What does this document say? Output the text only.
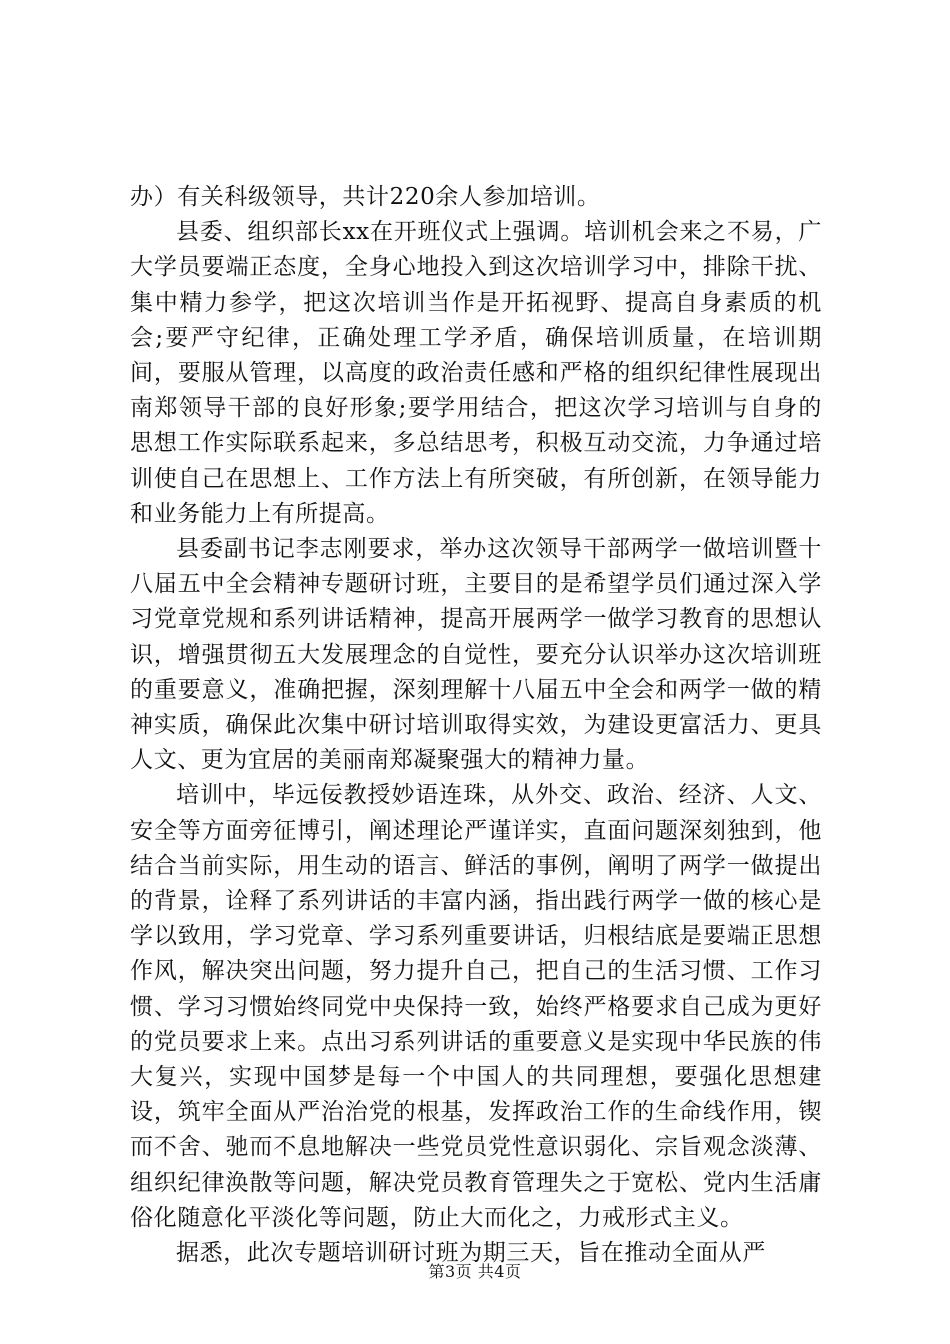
办）有关科级领导，共计220余人参加培训。

县委、组织部长xx在开班仪式上强调。培训机会来之不易，广大学员要端正态度，全身心地投入到这次培训学习中，排除干扰、集中精力参学，把这次培训当作是开拓视野、提高自身素质的机会;要严守纪律，正确处理工学矛盾，确保培训质量，在培训期间，要服从管理，以高度的政治责任感和严格的组织纪律性展现出南郑领导干部的良好形象;要学用结合，把这次学习培训与自身的思想工作实际联系起来，多总结思考，积极互动交流，力争通过培训使自己在思想上、工作方法上有所突破，有所创新，在领导能力和业务能力上有所提高。

县委副书记李志刚要求，举办这次领导干部两学一做培训暨十八届五中全会精神专题研讨班，主要目的是希望学员们通过深入学习党章党规和系列讲话精神，提高开展两学一做学习教育的思想认识，增强贯彻五大发展理念的自觉性，要充分认识举办这次培训班的重要意义，准确把握，深刻理解十八届五中全会和两学一做的精神实质，确保此次集中研讨培训取得实效，为建设更富活力、更具人文、更为宜居的美丽南郑凝聚强大的精神力量。

培训中，毕远佞教授妙语连珠，从外交、政治、经济、人文、安全等方面旁征博引，阐述理论严谨详实，直面问题深刻独到，他结合当前实际，用生动的语言、鲜活的事例，阐明了两学一做提出的背景，诠释了系列讲话的丰富内涵，指出践行两学一做的核心是学以致用，学习党章、学习系列重要讲话，归根结底是要端正思想作风，解决突出问题，努力提升自己，把自己的生活习惯、工作习惯、学习习惯始终同党中央保持一致，始终严格要求自己成为更好的党员要求上来。点出习系列讲话的重要意义是实现中华民族的伟大复兴，实现中国梦是每一个中国人的共同理想，要强化思想建设，筑牢全面从严治治党的根基，发挥政治工作的生命线作用，锲而不舍、驰而不息地解决一些党员党性意识弱化、宗旨观念淡薄、组织纪律涣散等问题，解决党员教育管理失之于宽松、党内生活庸俗化随意化平淡化等问题，防止大而化之，力戒形式主义。

据悉，此次专题培训研讨班为期三天，旨在推动全面从严

第3页 共4页
